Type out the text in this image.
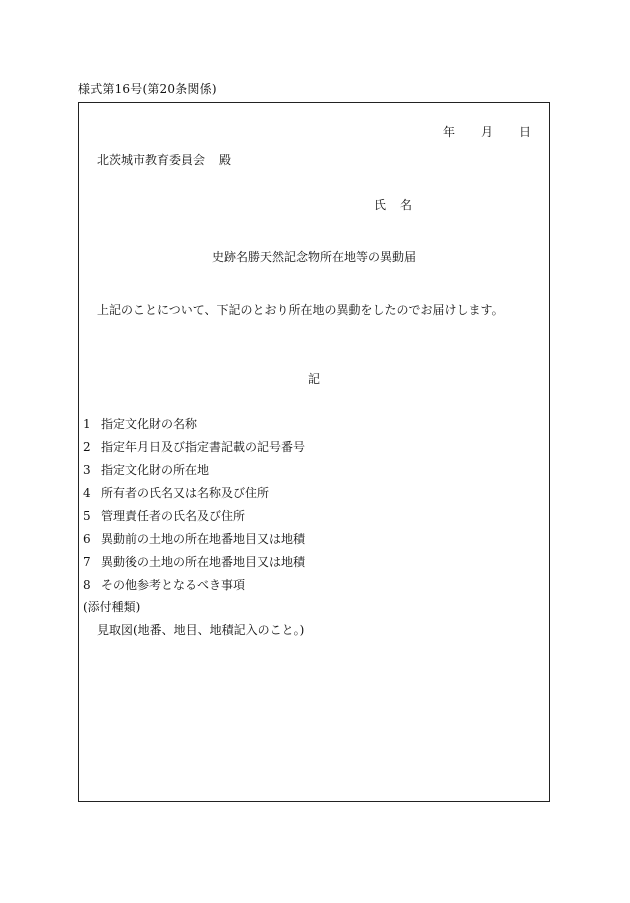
様式第16号(第20条関係)
年 月 日
北茨城市教育委員会 殿
氏 名
史跡名勝天然記念物所在地等の異動届
上記のことについて、下記のとおり所在地の異動をしたのでお届けします。
記
1 指定文化財の名称
2 指定年月日及び指定書記載の記号番号
3 指定文化財の所在地
4 所有者の氏名又は名称及び住所
5 管理責任者の氏名及び住所
6 異動前の土地の所在地番地目又は地積
7 異動後の土地の所在地番地目又は地積
8 その他参考となるべき事項
(添付種類)
見取図(地番、地目、地積記入のこと。)
